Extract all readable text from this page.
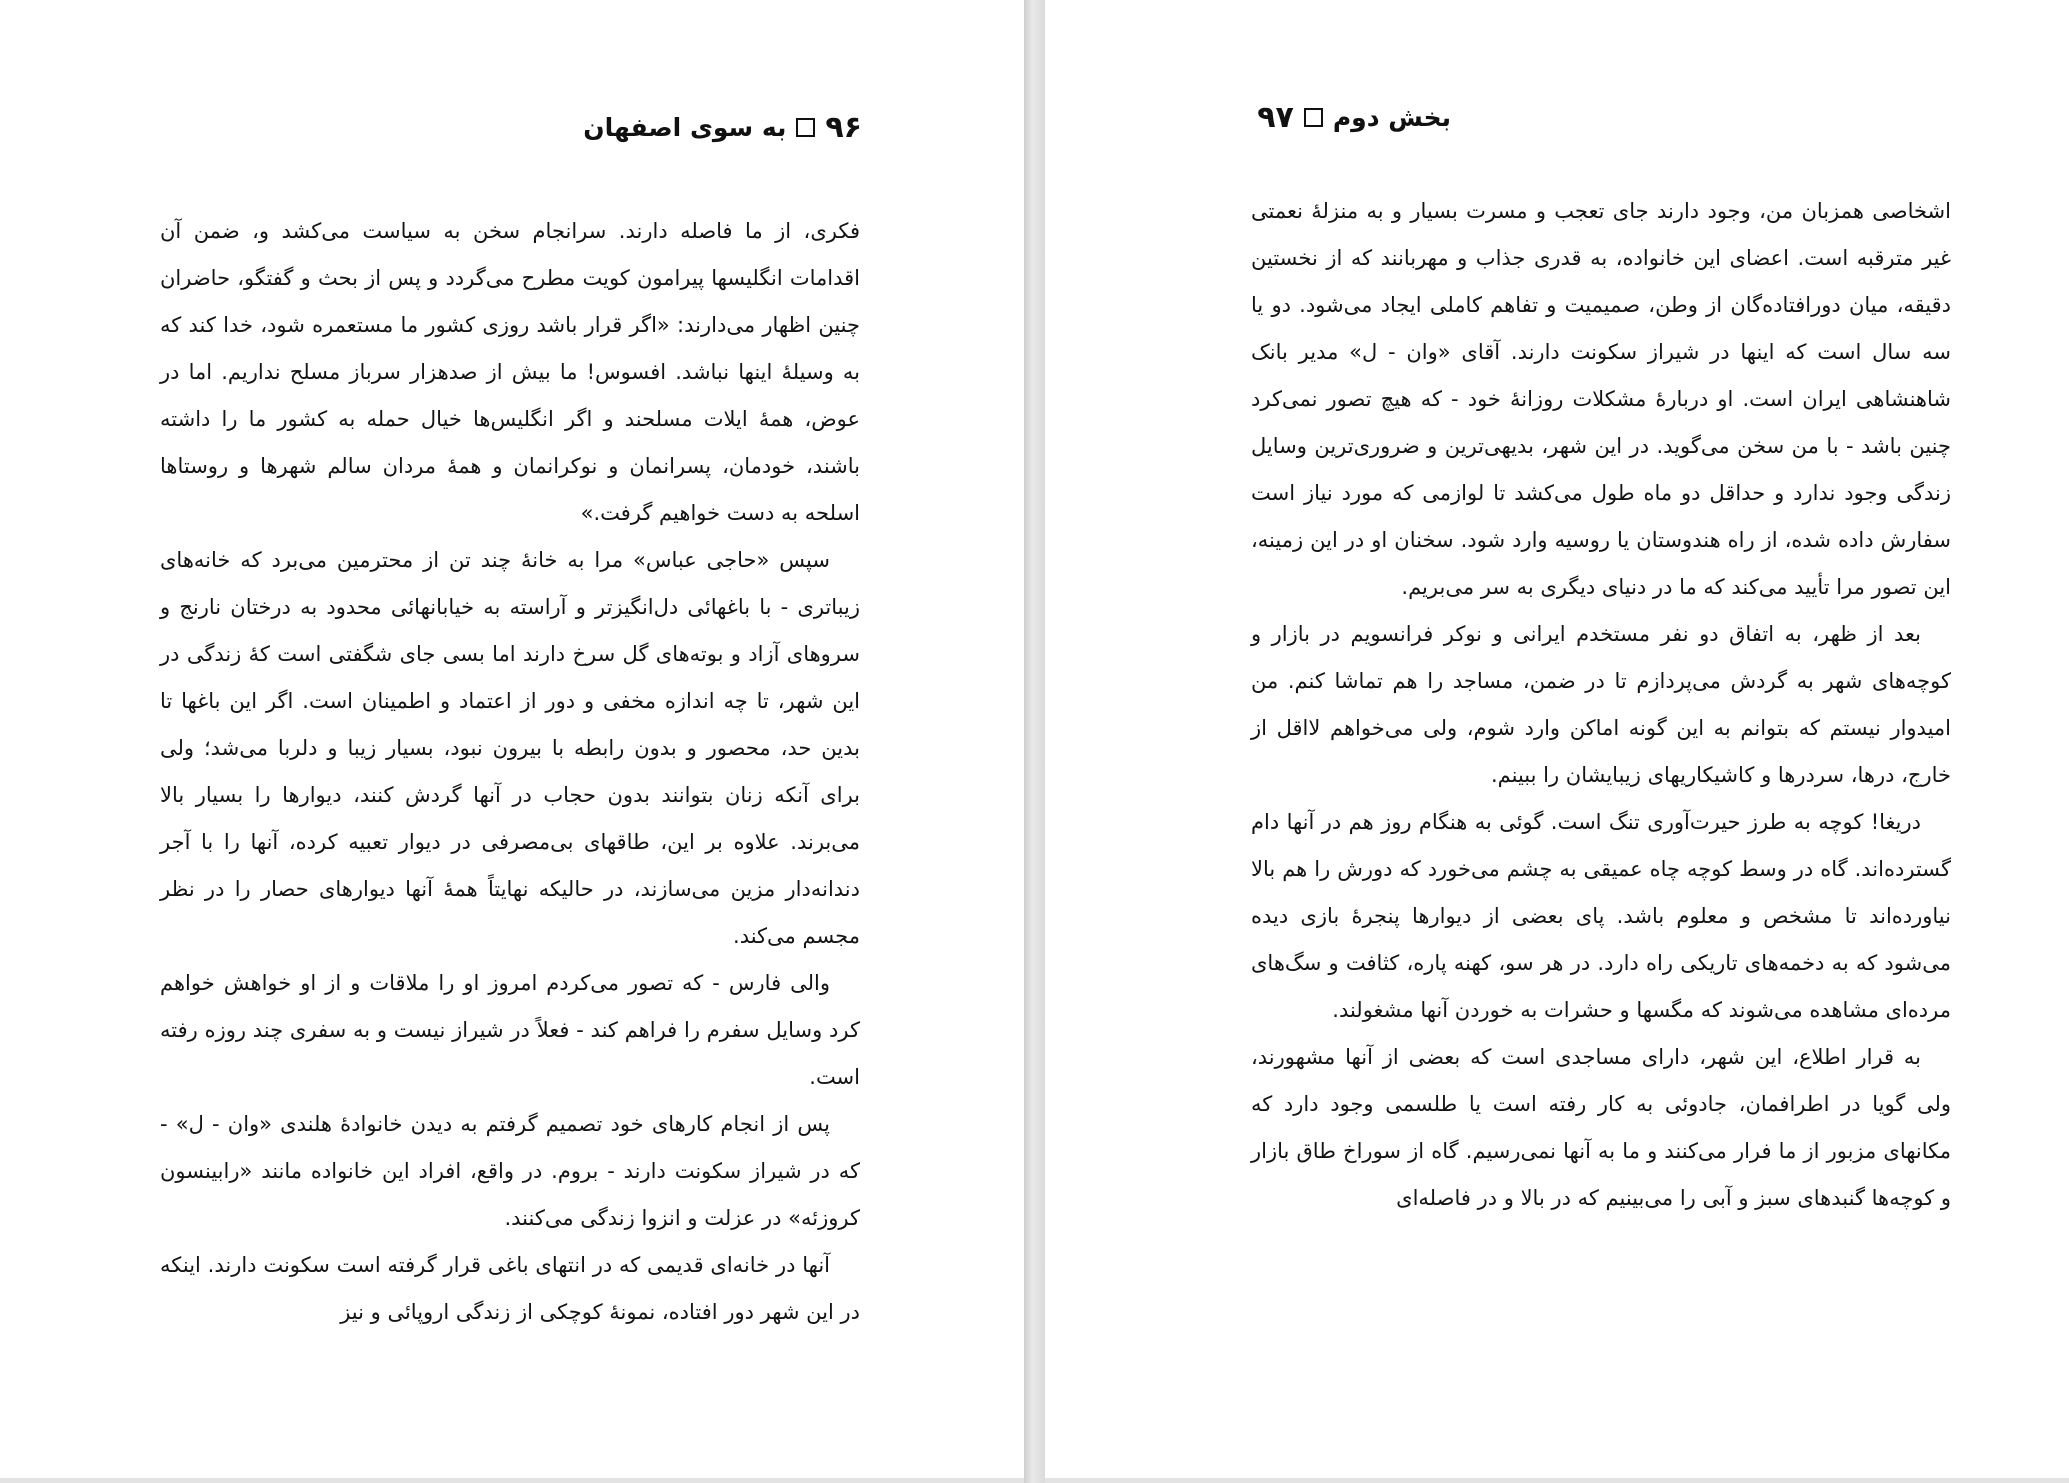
۹۶
به سوی اصفهان

فکری، از ما فاصله دارند. سرانجام سخن به سیاست می‌کشد و، ضمن آن اقدامات انگلیسها پیرامون کویت مطرح می‌گردد و پس از بحث و گفتگو، حاضران چنین اظهار می‌دارند: «اگر قرار باشد روزی کشور ما مستعمره شود، خدا کند که به وسیلهٔ اینها نباشد. افسوس! ما بیش از صدهزار سرباز مسلح نداریم. اما در عوض، همهٔ ایلات مسلحند و اگر انگلیس‌ها خیال حمله به کشور ما را داشته باشند، خودمان، پسرانمان و نوکرانمان و همهٔ مردان سالم شهرها و روستاها اسلحه به دست خواهیم گرفت.»

سپس «حاجی عباس» مرا به خانهٔ چند تن از محترمین می‌برد که خانه‌های زیباتری - با باغهائی دل‌انگیزتر و آراسته به خیابانهائی محدود به درختان نارنج و سروهای آزاد و بوته‌های گل سرخ دارند اما بسی جای شگفتی است کهٔ زندگی در این شهر، تا چه اندازه مخفی و دور از اعتماد و اطمینان است. اگر این باغها تا بدین حد، محصور و بدون رابطه با بیرون نبود، بسیار زیبا و دلربا می‌شد؛ ولی برای آنکه زنان بتوانند بدون حجاب در آنها گردش کنند، دیوارها را بسیار بالا می‌برند. علاوه بر این، طاقهای بی‌مصرفی در دیوار تعبیه کرده، آنها را با آجر دندانه‌دار مزین می‌سازند، در حالیکه نهایتاً همهٔ آنها دیوارهای حصار را در نظر مجسم می‌کند.

والی فارس - که تصور می‌کردم امروز او را ملاقات و از او خواهش خواهم کرد وسایل سفرم را فراهم کند - فعلاً در شیراز نیست و به سفری چند روزه رفته است.

پس از انجام کارهای خود تصمیم گرفتم به دیدن خانوادهٔ هلندی «وان - ل» - که در شیراز سکونت دارند - بروم. در واقع، افراد این خانواده مانند «رابینسون کروزئه» در عزلت و انزوا زندگی می‌کنند.

آنها در خانه‌ای قدیمی که در انتهای باغی قرار گرفته است سکونت دارند. اینکه در این شهر دور افتاده، نمونهٔ کوچکی از زندگی اروپائی و نیز

بخش دوم
۹۷

اشخاصی همزبان من، وجود دارند جای تعجب و مسرت بسیار و به منزلهٔ نعمتی غیر مترقبه است. اعضای این خانواده، به قدری جذاب و مهربانند که از نخستین دقیقه، میان دورافتاده‌گان از وطن، صمیمیت و تفاهم کاملی ایجاد می‌شود. دو یا سه سال است که اینها در شیراز سکونت دارند. آقای «وان - ل» مدیر بانک شاهنشاهی ایران است. او دربارهٔ مشکلات روزانهٔ خود - که هیچ تصور نمی‌کرد چنین باشد - با من سخن می‌گوید. در این شهر، بدیهی‌ترین و ضروری‌ترین وسایل زندگی وجود ندارد و حداقل دو ماه طول می‌کشد تا لوازمی که مورد نیاز است سفارش داده شده، از راه هندوستان یا روسیه وارد شود. سخنان او در این زمینه، این تصور مرا تأیید می‌کند که ما در دنیای دیگری به سر می‌بریم.

بعد از ظهر، به اتفاق دو نفر مستخدم ایرانی و نوکر فرانسویم در بازار و کوچه‌های شهر به گردش می‌پردازم تا در ضمن، مساجد را هم تماشا کنم. من امیدوار نیستم که بتوانم به این گونه اماکن وارد شوم، ولی می‌خواهم لااقل از خارج، درها، سردرها و کاشیکاریهای زیبایشان را ببینم.

دریغا! کوچه به طرز حیرت‌آوری تنگ است. گوئی به هنگام روز هم در آنها دام گسترده‌اند. گاه در وسط کوچه چاه عمیقی به چشم می‌خورد که دورش را هم بالا نیاورده‌اند تا مشخص و معلوم باشد. پای بعضی از دیوارها پنجرهٔ بازی دیده می‌شود که به دخمه‌های تاریکی راه دارد. در هر سو، کهنه پاره، کثافت و سگ‌های مرده‌ای مشاهده می‌شوند که مگسها و حشرات به خوردن آنها مشغولند.

به قرار اطلاع، این شهر، دارای مساجدی است که بعضی از آنها مشهورند، ولی گویا در اطرافمان، جادوئی به کار رفته است یا طلسمی وجود دارد که مکانهای مزبور از ما فرار می‌کنند و ما به آنها نمی‌رسیم. گاه از سوراخ طاق بازار و کوچه‌ها گنبدهای سبز و آبی را می‌بینیم که در بالا و در فاصله‌ای
